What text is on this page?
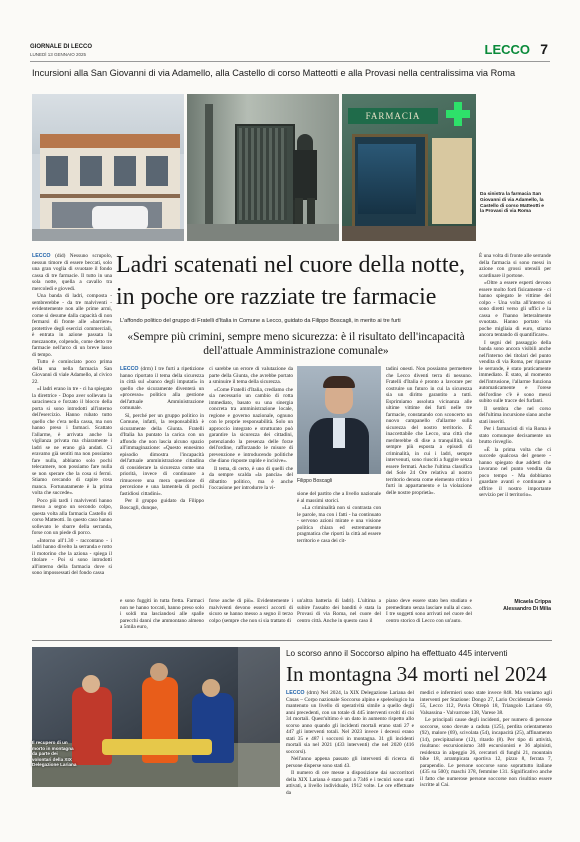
GIORNALE DI LECCO
LUNEDÌ 13 GENNAIO 2025	LECCO 7
Incursioni alla San Giovanni di via Adamello, alla Castello di corso Matteotti e alla Provasi nella centralissima via Roma
FARMACIA
Da sinistra la farmacia San Giovanni di via Adamello, la Castello di corso Matteotti e la Provasi di via Roma
Ladri scatenati nel cuore della notte,
in poche ore razziate tre farmacie

LECCO (did) Nessuno scrupolo, nessun timore di essere beccati, solo una gran voglia di svuotare il fondo cassa di tre farmacie. Il tutto in una sola notte, quella a cavallo tra mercoledì e giovedì.

Una banda di ladri, composta - sembrerebbe - da tre malviventi - evidentemente non alle prime armi, come si desume dalla capacità di non fermarsi di fronte alle «barriere» protettive degli esercizi commerciali, è entrata in azione passata la mezzanotte, colpendo, come detto tre farmacie nell'arco di un breve lasso di tempo.

Tutto è cominciato poco prima della una nella farmacia San Giovanni di viale Adamello, al civico 22.

«I ladri erano in tre - ci ha spiegato la direttrice - Dopo aver sollevato la saracinesca e forzato il blocco della porta si sono introdotti all'interno dell'esercizio. Hanno rubato tutto quello che c'era nella cassa, ma non hanno preso i farmaci. Scattato l'allarme, è arrivata anche la vigilanza privata ma chiaramente i ladri se ne erano già andati. Ci eravamo già sentiti ma non possiamo fare nulla, abbiamo solo pochi telecamere, non possiamo fare nulla se non sperare che la cosa si fermi. Stiamo cercando di capire cosa manca. Fortunatamente è la prima volta che succede».

Poco più tardi i malviventi hanno messo a segno un secondo colpo, questa volta alla farmacia Castello di corso Matteotti. In questo caso hanno sollevato le sbarre della serranda, forse con un piede di porco.

«Intorno all'1.30 - raccontano - i ladri hanno divelto la serranda e rotto il motorino che la aziona - spiega il titolare - Poi si sono introdotti all'interno della farmacia dove si sono impossessati del fondo cassa

L'affondo politico del gruppo di Fratelli d'Italia in Comune a Lecco, guidato da Filippo Boscagli, in merito ai tre furti
«Sempre più crimini, sempre meno sicurezza: è il risultato dell'incapacità dell'attuale Amministrazione comunale»

LECCO (drm) I tre furti a ripetizione hanno riportato il tema della sicurezza in città sul «banco degli imputati» in quello che sicuramente diventerà un «processo» politico alla gestione dell'attuale Amministrazione comunale.

Sì, perché per un gruppo politico in Comune, infatti, la responsabilità è sicuramente della Giunta. Fratelli d'Italia ha puntato la carica con un affondo che non lascia alcuno spazio all'immaginazione: «Questo ennesimo episodio dimostra l'incapacità dell'attuale amministrazione cittadina di considerare la sicurezza come una priorità, invece di continuare a rimuovere una mera questione di percezione e una lamentela di pochi fastidiosi cittadini».

Per il gruppo guidato da Filippo Boscagli, dunque,

ci sarebbe un errore di valutazione da parte della Giunta, che avrebbe portato a sminuire il tema della sicurezza.

«Come Fratelli d'Italia, crediamo che sia necessario un cambio di rotta immediato, basato su una sinergia concreta tra amministrazione locale, regione e governo nazionale, ognuno con le proprie responsabilità. Solo un approccio integrato e strutturato può garantire la sicurezza dei cittadini, potenziando la presenza delle forze dell'ordine, rafforzando le misure di prevenzione e introducendo politiche che diano risposte rapide e incisive».

Il tema, di certo, è uno di quelli che da sempre scalda «la pancia» del dibattito politico, ma è anche l'occasione per introdurre la vi-

Filippo Boscagli

sione del partito che a livello nazionale è al massimi storici.

«La criminalità non si contrasta con le parole, ma con i fatti - ha continuato - servono azioni mirate e una visione politica chiara ed estremamente pragmatica che riporti la città ad essere territorio e casa dei cit-

tadini onesti. Non possiamo permettere che Lecco diventi terra di nessuno. Fratelli d'Italia è pronto a lavorare per costruire un futuro in cui la sicurezza sia un diritto garantito a tutti. Esprimiamo assoluta vicinanza alle ultime vittime dei furti nelle tre farmacie, constatando con sconcerto un nuovo campanello d'allarme sulla sicurezza del nostro territorio. È inaccettabile che Lecco, una città che meriterebbe di dise a tranquillità, sia sempre più esposta a episodi di criminalità, in cui i ladri, sempre intervenuti, sono riusciti a fuggire senza essere fermati. Anche l'ultima classifica del Sole 24 Ore relativa al nostro territorio denota come elemento critico i furti in appartamento e la violazione delle nostre proprietà».

È una volta di fronte alle serrande della farmacia si sono messi in azione con grossi utensili per scardinare il portone.

«Oltre a essere esperti devono essere molto forti fisicamente - ci hanno spiegato le vittime del colpo - Una volta all'interno si sono diretti verso gli uffici e la cassa e l'hanno letteralmente svuotata. Hanno portato via poche migliaia di euro, stiamo ancora tentando di quantificare».

I segni del passaggio della banda sono ancora visibili anche nell'interno dei titolari del punto vendita di via Roma, per riparare le serrande, è stato praticamente immediato. È stato, al momento dell'intrusione, l'allarme funziona automaticamente e l'orese dell'ordine c'è è sono messi subito sulle tracce dei furfanti.

Il sembra che nel corso dell'ultima incursione siano anche stati inseriti.

Per i farmacisti di via Roma è stato comunque decisamente un brutto risveglio.

«È la prima volta che ci succede qualcosa del genere - hanno spiegato due addetti che lavorano nel punto vendita da poco tempo - Ma dobbiamo guardare avanti e continuare a offrire il nostro importante servizio per il territorio».

Micaela Crippa
Alessandro Di Milia
e sono fuggiti in tutta fretta. Farmaci non ne hanno toccati, hanno preso solo i soldi ma lasciandosi alle spalle parecchi danni che ammontano almeno a 5mila euro,
forse anche di più». Evidentemente i malviventi devono esserci accorti di sicuro se hanno messo a segno il terzo colpo (sempre che non si sia trattato di
un'altra batteria di ladri). L'ultima a subire l'assalto dei banditi è stata la Provasi di via Roma, nel cuore del centro città. Anche in questo caso il
piano deve essere stato ben studiato e premeditato senza lasciare nulla al caso. I tre soggetti sono arrivati nel cuore del centro storico di Lecco con un'auto.
Il recupero di un morto in montagna da parte dei volontari della XIX Delegazione Lariana
Lo scorso anno il Soccorso alpino ha effettuato 445 interventi
In montagna 34 morti nel 2024

LECCO (drm) Nel 2024, la XIX Delegazione Lariana del Cnsas – Corpo nazionale Soccorso alpino e speleologico ha mantenuto un livello di operatività simile a quello degli anni precedenti, con un totale di 445 interventi svolti di cui 34 mortali. Quest'ultimo è un dato in aumento rispetto allo scorso anno quando gli incidenti mortali erano stati 27 e 447 gli interventi totali. Nel 2023 invece i decessi erano stati 35 e 487 i soccorsi in montagna. 31 gli incidenti mortali sia nel 2021 (433 interventi) che nel 2020 (416 soccorsi).

Nell'anno appena passato gli interventi di ricerca di persone disperse sono stati 43.

Il numero di ore messe a disposizione dai soccorritori della XIX Lariana è stato pari a 7346 e i tecnici sono stati attivati, a livello individuale, 1912 volte. Le ore effettuate da

medici e infermieri sono state invece 848. Ma veniamo agli interventi per Stazione: Dongo 27, Lario Occidentale Ceresio 55, Lecco 112, Pavia Oltrepò 18, Triangolo Lariano 69, Valsassina - Valvarrone 138, Varese 38.

Le principali cause degli incidenti, per numero di persone soccorse, sono dovute a caduta (125), perdita orientamento (92), malore (69), scivolata (54), incapacità (25), affinamento (14), precipitazione (12), ritardo (8). Per tipo di attività, risultano: escursionismo 340 escursionisti e 36 alpinisti, residenza in alpeggio 26, cercatori di funghi 21, mountain bike 18, arrampicata sportiva 12, pizzo 8, ferrata 7, parapendio. Le persone soccorse sono soprattutto italiane (435 su 500); maschi 378, femmine 131. Significativo anche il fatto che numerose persone soccorse non risultino essere iscritte al Cai.
